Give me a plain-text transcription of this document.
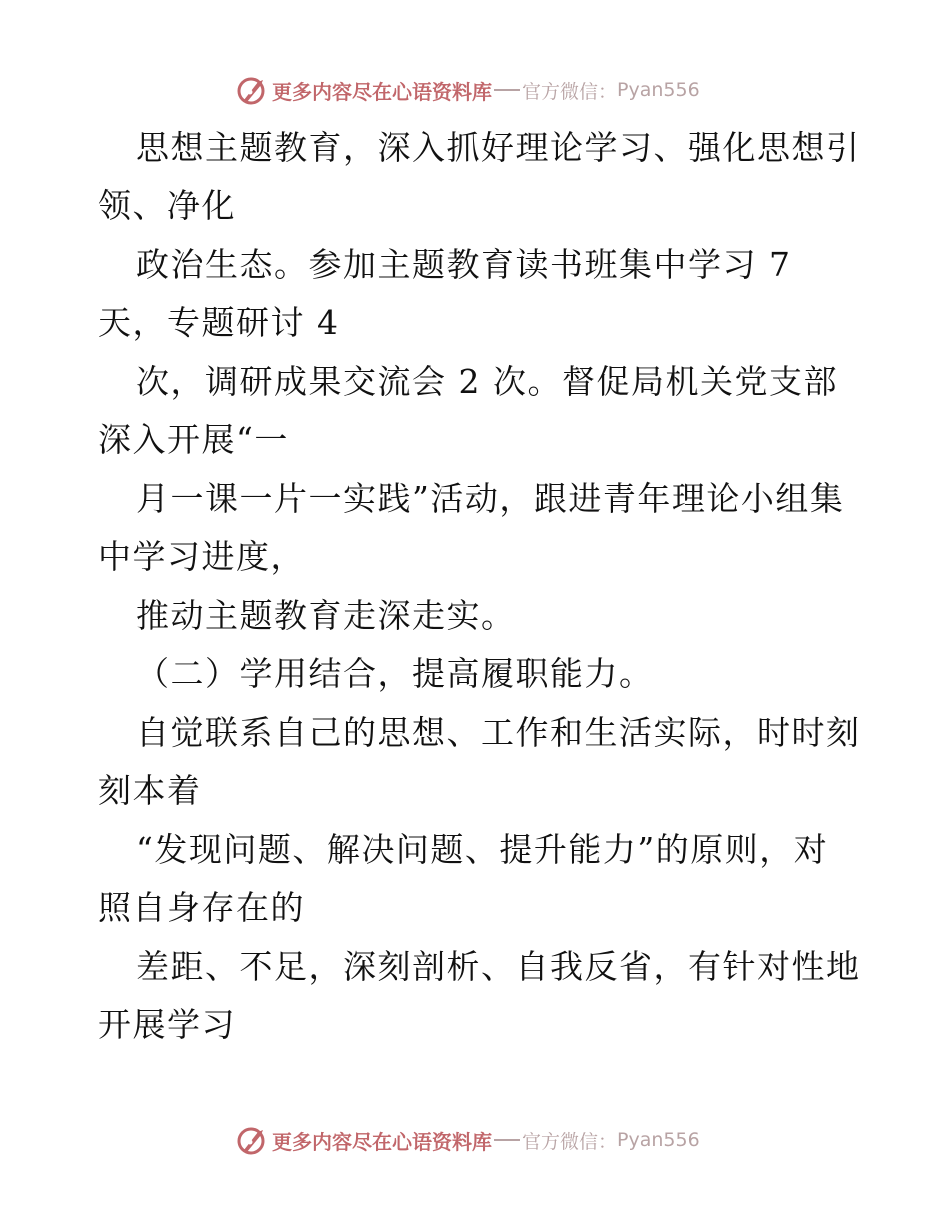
更多内容尽在心语资料库 官方微信： Pyan556
思想主题教育，深入抓好理论学习、强化思想引
领、净化
政治生态。参加主题教育读书班集中学习 7
天，专题研讨 4
次，调研成果交流会 2 次。督促局机关党支部
深入开展“一
月一课一片一实践”活动，跟进青年理论小组集
中学习进度，
推动主题教育走深走实。
（二）学用结合，提高履职能力。
自觉联系自己的思想、工作和生活实际，时时刻
刻本着
“发现问题、解决问题、提升能力”的原则，对
照自身存在的
差距、不足，深刻剖析、自我反省，有针对性地
开展学习
更多内容尽在心语资料库 官方微信： Pyan556
